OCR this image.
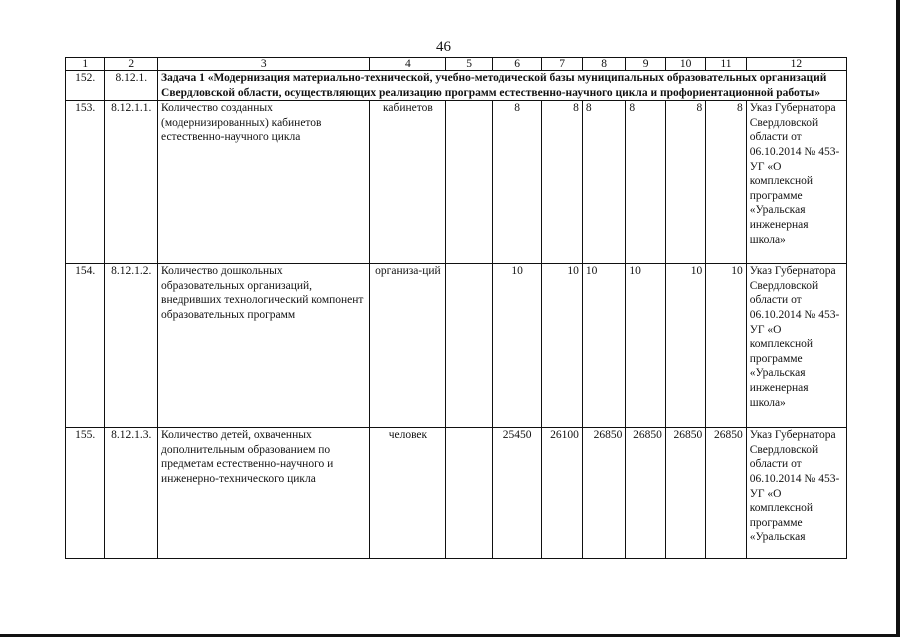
46
1	2	3	4	5	6	7	8	9	10	11	12
152.	8.12.1.	Задача 1 «Модернизация материально-технической, учебно-методической базы муниципальных образовательных организаций Свердловской области, осуществляющих реализацию программ естественно-научного цикла и профориентационной работы»									
153.	8.12.1.1.	Количество созданных (модернизированных) кабинетов естественно-научного цикла	кабинетов		8	8	8	8	8	8	Указ Губернатора Свердловской области от 06.10.2014 № 453-УГ «О комплексной программе «Уральская инженерная школа»
154.	8.12.1.2.	Количество дошкольных образовательных организаций, внедривших технологический компонент образовательных программ	организа-ций		10	10	10	10	10	10	Указ Губернатора Свердловской области от 06.10.2014 № 453-УГ «О комплексной программе «Уральская инженерная школа»
155.	8.12.1.3.	Количество детей, охваченных дополнительным образованием по предметам естественно-научного и инженерно-технического цикла	человек		25450	26100	26850	26850	26850	26850	Указ Губернатора Свердловской области от 06.10.2014 № 453-УГ «О комплексной программе «Уральская
